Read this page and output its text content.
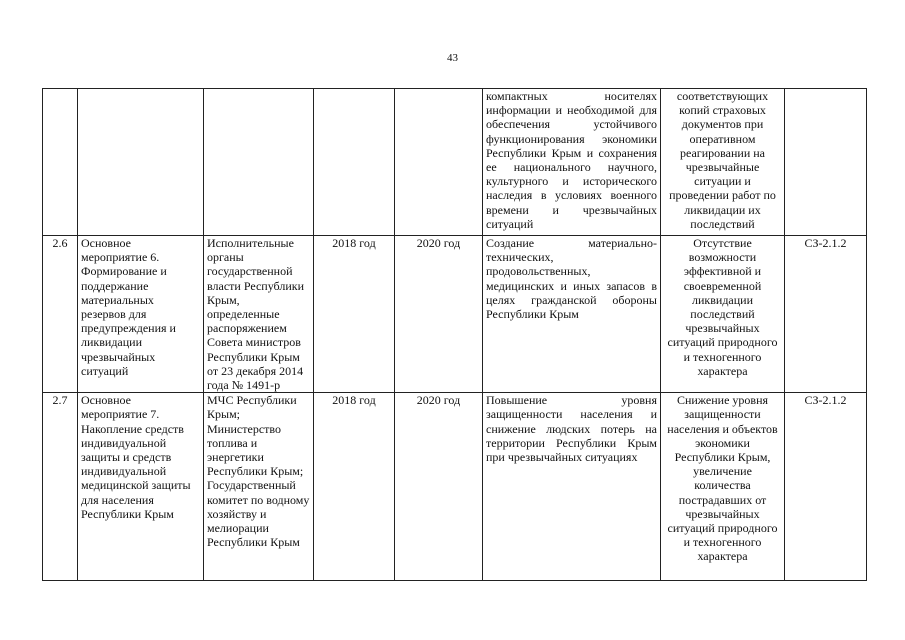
43
					компактных носителях информации и необходимой для обеспечения устойчивого функционирования экономики Республики Крым и сохранения ее национального научного, культурного и исторического наследия в условиях военного времени и чрезвычайных ситуаций	соответствующих копий страховых документов при оперативном реагировании на чрезвычайные ситуации и проведении работ по ликвидации их последствий	
2.6	Основное мероприятие 6. Формирование и поддержание материальных резервов для предупреждения и ликвидации чрезвычайных ситуаций	Исполнительные органы государственной власти Республики Крым, определенные распоряжением Совета министров Республики Крым от 23 декабря 2014 года № 1491-р	2018 год	2020 год	Создание материально-технических, продовольственных, медицинских и иных запасов в целях гражданской обороны Республики Крым	Отсутствие возможности эффективной и своевременной ликвидации последствий чрезвычайных ситуаций природного и техногенного характера	СЗ-2.1.2
2.7	Основное мероприятие 7. Накопление средств индивидуальной защиты и средств индивидуальной медицинской защиты для населения Республики Крым	МЧС Республики Крым; Министерство топлива и энергетики Республики Крым; Государственный комитет по водному хозяйству и мелиорации Республики Крым	2018 год	2020 год	Повышение уровня защищенности населения и снижение людских потерь на территории Республики Крым при чрезвычайных ситуациях	Снижение уровня защищенности населения и объектов экономики Республики Крым, увеличение количества пострадавших от чрезвычайных ситуаций природного и техногенного характера	СЗ-2.1.2
